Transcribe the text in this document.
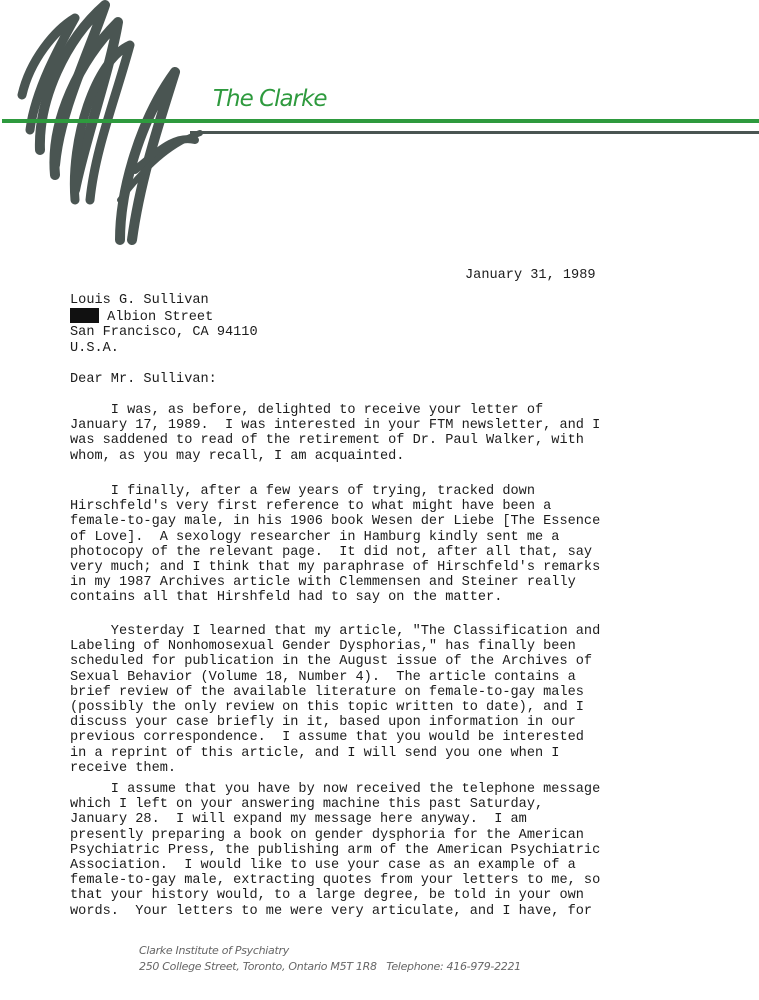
The Clarke
January 31, 1989
Louis G. Sullivan
Albion Street
San Francisco, CA 94110
U.S.A.
Dear Mr. Sullivan:
I was, as before, delighted to receive your letter of
January 17, 1989.  I was interested in your FTM newsletter, and I
was saddened to read of the retirement of Dr. Paul Walker, with
whom, as you may recall, I am acquainted.
I finally, after a few years of trying, tracked down
Hirschfeld's very first reference to what might have been a
female-to-gay male, in his 1906 book Wesen der Liebe [The Essence
of Love].  A sexology researcher in Hamburg kindly sent me a
photocopy of the relevant page.  It did not, after all that, say
very much; and I think that my paraphrase of Hirschfeld's remarks
in my 1987 Archives article with Clemmensen and Steiner really
contains all that Hirshfeld had to say on the matter.
Yesterday I learned that my article, "The Classification and
Labeling of Nonhomosexual Gender Dysphorias," has finally been
scheduled for publication in the August issue of the Archives of
Sexual Behavior (Volume 18, Number 4).  The article contains a
brief review of the available literature on female-to-gay males
(possibly the only review on this topic written to date), and I
discuss your case briefly in it, based upon information in our
previous correspondence.  I assume that you would be interested
in a reprint of this article, and I will send you one when I
receive them.
I assume that you have by now received the telephone message
which I left on your answering machine this past Saturday,
January 28.  I will expand my message here anyway.  I am
presently preparing a book on gender dysphoria for the American
Psychiatric Press, the publishing arm of the American Psychiatric
Association.  I would like to use your case as an example of a
female-to-gay male, extracting quotes from your letters to me, so
that your history would, to a large degree, be told in your own
words.  Your letters to me were very articulate, and I have, for
Clarke Institute of Psychiatry
250 College Street, Toronto, Ontario M5T 1R8 Telephone: 416-979-2221
